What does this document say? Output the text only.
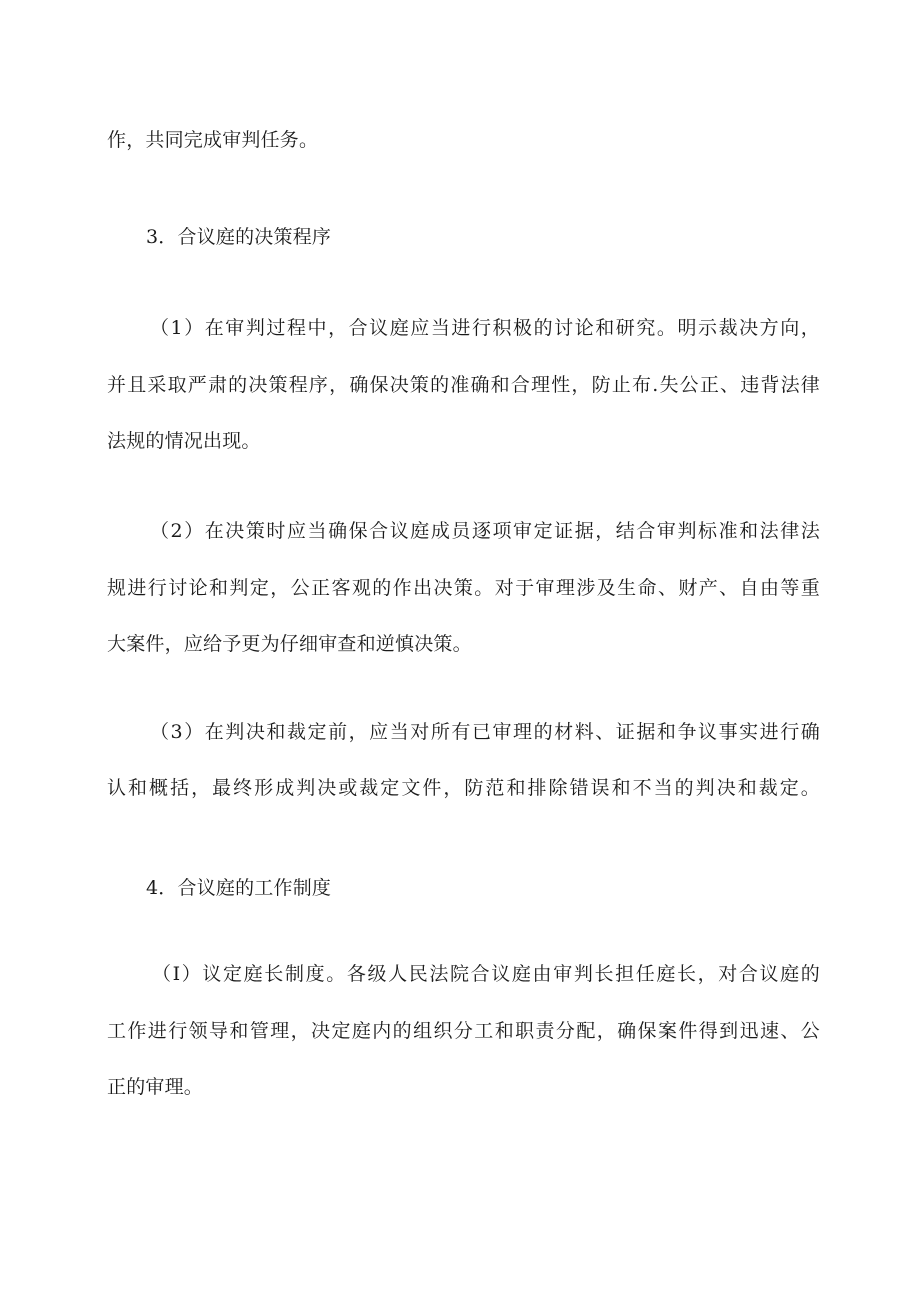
作，共同完成审判任务。
3．合议庭的决策程序
（1）在审判过程中，合议庭应当进行积极的讨论和研究。明示裁决方向，
并且采取严肃的决策程序，确保决策的准确和合理性，防止布.失公正、违背法律
法规的情况出现。
（2）在决策时应当确保合议庭成员逐项审定证据，结合审判标准和法律法
规进行讨论和判定，公正客观的作出决策。对于审理涉及生命、财产、自由等重
大案件，应给予更为仔细审查和逆慎决策。
（3）在判决和裁定前，应当对所有已审理的材料、证据和争议事实进行确
认和概括，最终形成判决或裁定文件，防范和排除错误和不当的判决和裁定。
4．合议庭的工作制度
（I）议定庭长制度。各级人民法院合议庭由审判长担任庭长，对合议庭的
工作进行领导和管理，决定庭内的组织分工和职责分配，确保案件得到迅速、公
正的审理。
